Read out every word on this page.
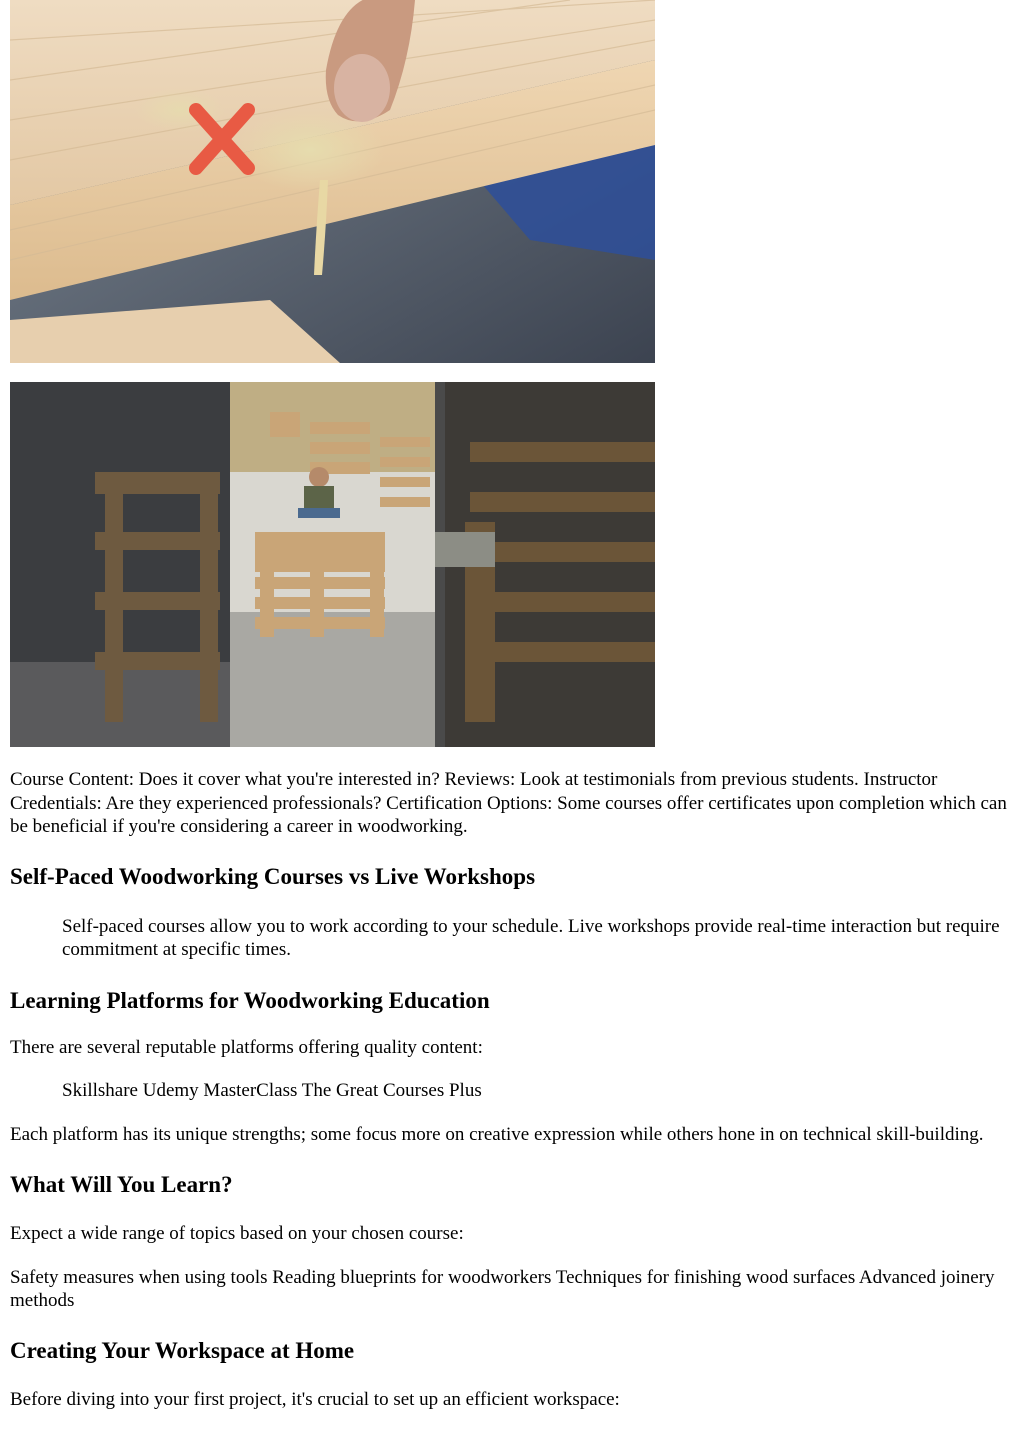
Course Content: Does it cover what you're interested in? Reviews: Look at testimonials from previous students. Instructor Credentials: Are they experienced professionals? Certification Options: Some courses offer certificates upon completion which can be beneficial if you're considering a career in woodworking.

Self-Paced Woodworking Courses vs Live Workshops

Self-paced courses allow you to work according to your schedule. Live workshops provide real-time interaction but require commitment at specific times.

Learning Platforms for Woodworking Education

There are several reputable platforms offering quality content:

Skillshare Udemy MasterClass The Great Courses Plus

Each platform has its unique strengths; some focus more on creative expression while others hone in on technical skill-building.

What Will You Learn?

Expect a wide range of topics based on your chosen course:

Safety measures when using tools Reading blueprints for woodworkers Techniques for finishing wood surfaces Advanced joinery methods

Creating Your Workspace at Home

Before diving into your first project, it's crucial to set up an efficient workspace:
